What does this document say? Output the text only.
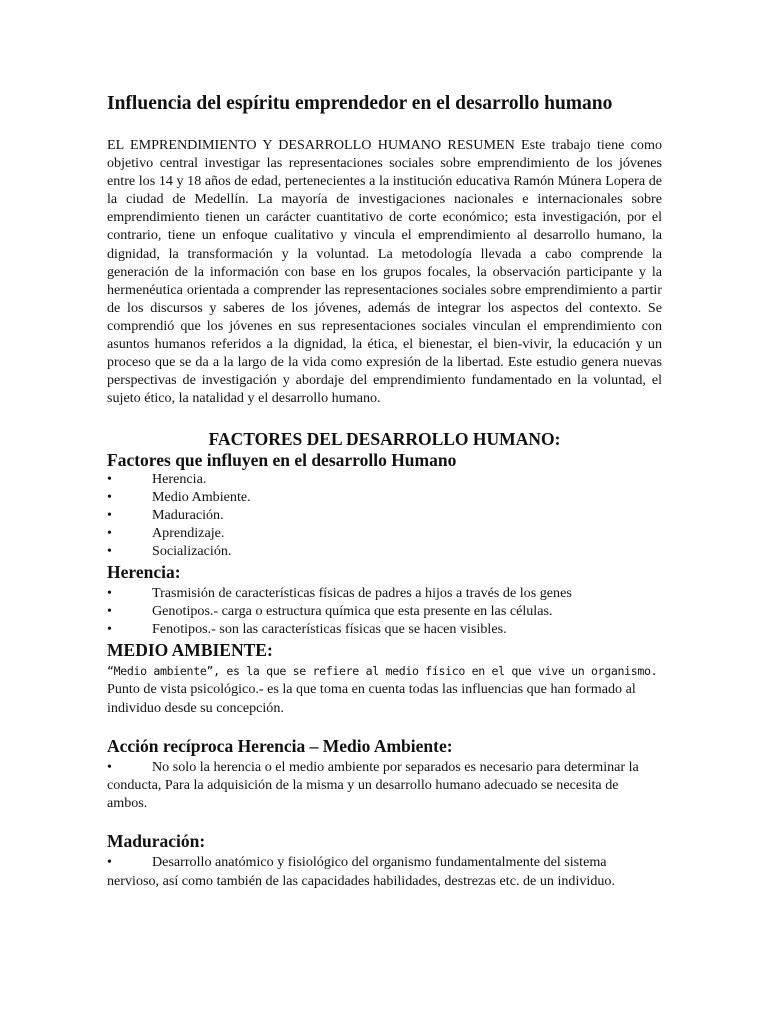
Influencia del espíritu emprendedor en el desarrollo humano

EL EMPRENDIMIENTO Y DESARROLLO HUMANO RESUMEN Este trabajo tiene como objetivo central investigar las representaciones sociales sobre emprendimiento de los jóvenes entre los 14 y 18 años de edad, pertenecientes a la institución educativa Ramón Múnera Lopera de la ciudad de Medellín. La mayoría de investigaciones nacionales e internacionales sobre emprendimiento tienen un carácter cuantitativo de corte económico; esta investigación, por el contrario, tiene un enfoque cualitativo y vincula el emprendimiento al desarrollo humano, la dignidad, la transformación y la voluntad. La metodología llevada a cabo comprende la generación de la información con base en los grupos focales, la observación participante y la hermenéutica orientada a comprender las representaciones sociales sobre emprendimiento a partir de los discursos y saberes de los jóvenes, además de integrar los aspectos del contexto. Se comprendió que los jóvenes en sus representaciones sociales vinculan el emprendimiento con asuntos humanos referidos a la dignidad, la ética, el bienestar, el bien-vivir, la educación y un proceso que se da a la largo de la vida como expresión de la libertad. Este estudio genera nuevas perspectivas de investigación y abordaje del emprendimiento fundamentado en la voluntad, el sujeto ético, la natalidad y el desarrollo humano.

FACTORES DEL DESARROLLO HUMANO:
Factores que influyen en el desarrollo Humano
•	Herencia.
•	Medio Ambiente.
•	Maduración.
•	Aprendizaje.
•	Socialización.
Herencia:
•	Trasmisión de características físicas de padres a hijos a través de los genes
•	Genotipos.- carga o estructura química que esta presente en las células.
•	Fenotipos.- son las características físicas que se hacen visibles.
MEDIO AMBIENTE:

“Medio ambiente”, es la que se refiere al medio físico en el que vive un organismo.

Punto de vista psicológico.- es la que toma en cuenta todas las influencias que han formado al individuo desde su concepción.

Acción recíproca Herencia – Medio Ambiente:

•	No solo la herencia o el medio ambiente por separados es necesario para determinar la conducta, Para la adquisición de la misma y un desarrollo humano adecuado se necesita de ambos.

Maduración:

•	Desarrollo anatómico y fisiológico del organismo fundamentalmente del sistema nervioso, así como también de las capacidades habilidades, destrezas etc. de un individuo.
